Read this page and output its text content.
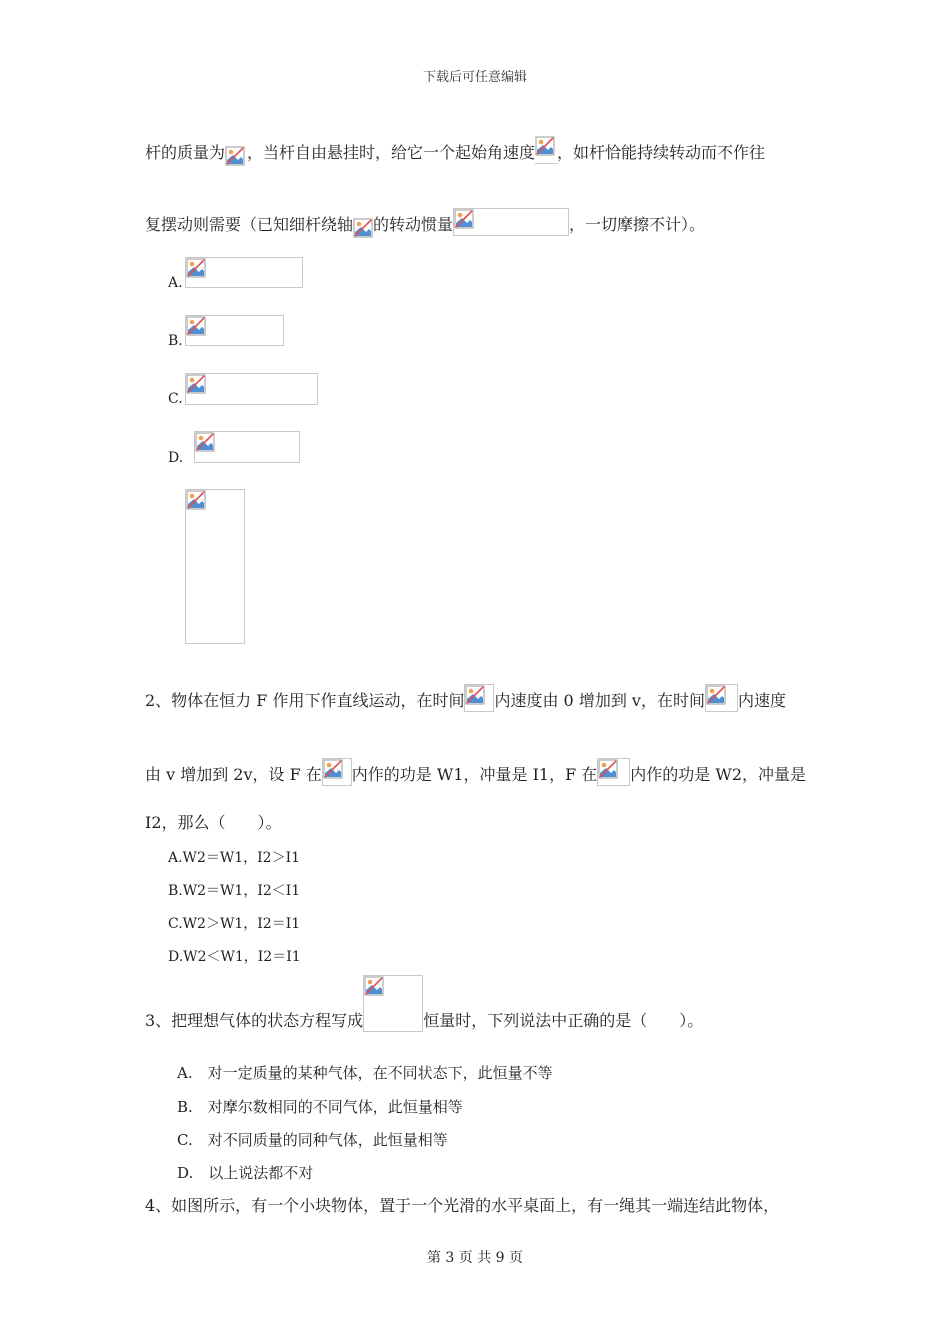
下载后可任意编辑
杆的质量为 ，当杆自由悬挂时，给它一个起始角速度 ，如杆恰能持续转动而不作往
复摆动则需要（已知细杆绕轴 的转动惯量	，一切摩擦不计）。
A.
B.
C.
D.
2、物体在恒力 F 作用下作直线运动，在时间 内速度由 0 增加到 v，在时间 内速度
由 v 增加到 2v，设 F 在 内作的功是 W1，冲量是 I1，F 在 内作的功是 W2，冲量是
I2，那么（　　）。
A.W2＝W1，I2＞I1
B.W2＝W1，I2＜I1
C.W2＞W1，I2＝I1
D.W2＜W1，I2＝I1
3、把理想气体的状态方程写成	恒量时，下列说法中正确的是（　　）。
A.　对一定质量的某种气体，在不同状态下，此恒量不等
B.　对摩尔数相同的不同气体，此恒量相等
C.　对不同质量的同种气体，此恒量相等
D.　以上说法都不对
4、如图所示，有一个小块物体，置于一个光滑的水平桌面上，有一绳其一端连结此物体，
第 3 页 共 9 页
